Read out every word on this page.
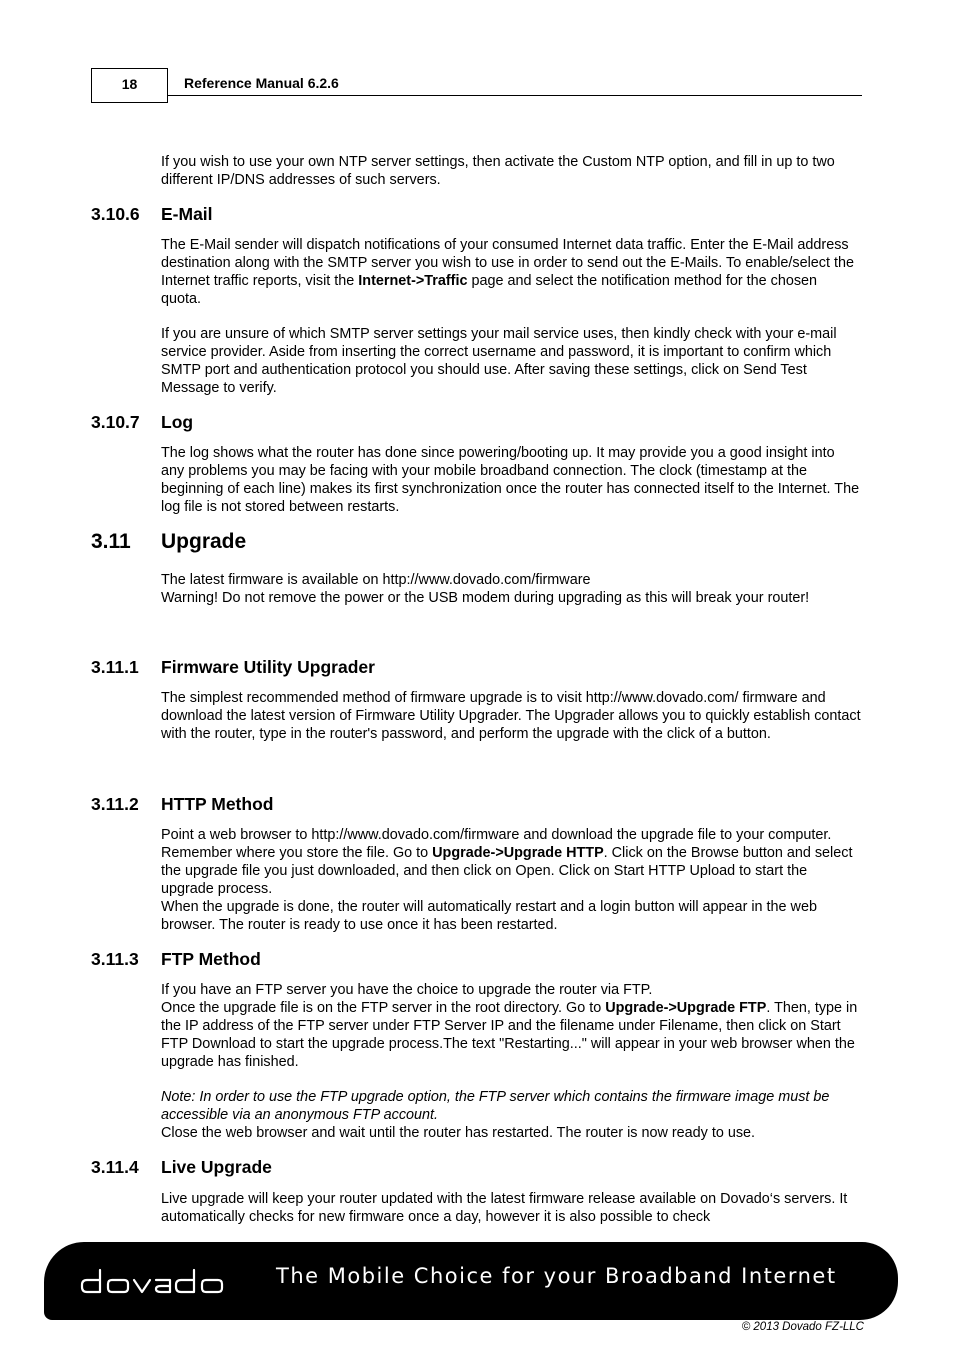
18	Reference Manual 6.2.6

If you wish to use your own NTP server settings, then activate the Custom NTP option, and fill in up to two different IP/DNS addresses of such servers.

3.10.6 E-Mail

The E-Mail sender will dispatch notifications of your consumed Internet data traffic. Enter the E-Mail address destination along with the SMTP server you wish to use in order to send out the E-Mails. To enable/select the Internet traffic reports, visit the Internet->Traffic page and select the notification method for the chosen quota.

If you are unsure of which SMTP server settings your mail service uses, then kindly check with your e-mail service provider. Aside from inserting the correct username and password, it is important to confirm which SMTP port and authentication protocol you should use. After saving these settings, click on Send Test Message to verify.

3.10.7 Log

The log shows what the router has done since powering/booting up. It may provide you a good insight into any problems you may be facing with your mobile broadband connection. The clock (timestamp at the beginning of each line) makes its first synchronization once the router has connected itself to the Internet. The log file is not stored between restarts.

3.11 Upgrade

The latest firmware is available on http://www.dovado.com/firmware

Warning! Do not remove the power or the USB modem during upgrading as this will break your router!

3.11.1 Firmware Utility Upgrader

The simplest recommended method of firmware upgrade is to visit http://www.dovado.com/ firmware and download the latest version of Firmware Utility Upgrader. The Upgrader allows you to quickly establish contact with the router, type in the router's password, and perform the upgrade with the click of a button.

3.11.2 HTTP Method

Point a web browser to http://www.dovado.com/firmware and download the upgrade file to your computer. Remember where you store the file. Go to Upgrade->Upgrade HTTP. Click on the Browse button and select the upgrade file you just downloaded, and then click on Open. Click on Start HTTP Upload to start the upgrade process.

When the upgrade is done, the router will automatically restart and a login button will appear in the web browser. The router is ready to use once it has been restarted.

3.11.3 FTP Method

If you have an FTP server you have the choice to upgrade the router via FTP.

Once the upgrade file is on the FTP server in the root directory. Go to Upgrade->Upgrade FTP. Then, type in the IP address of the FTP server under FTP Server IP and the filename under Filename, then click on Start FTP Download to start the upgrade process.The text "Restarting..." will appear in your web browser when the upgrade has finished.

Note: In order to use the FTP upgrade option, the FTP server which contains the firmware image must be accessible via an anonymous FTP account.

Close the web browser and wait until the router has restarted. The router is now ready to use.

3.11.4 Live Upgrade

Live upgrade will keep your router updated with the latest firmware release available on Dovado‘s servers. It automatically checks for new firmware once a day, however it is also possible to check

The Mobile Choice for your Broadband Internet
© 2013 Dovado FZ-LLC
